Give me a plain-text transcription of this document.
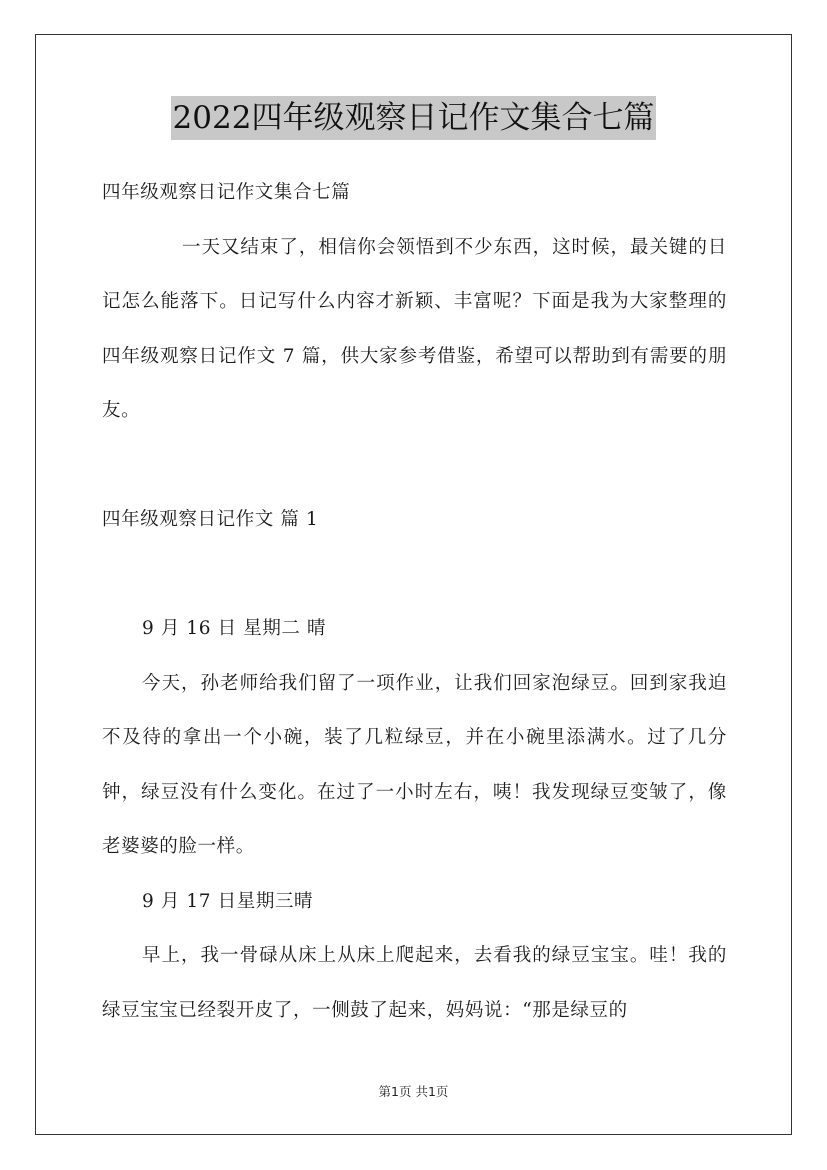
2022四年级观察日记作文集合七篇

四年级观察日记作文集合七篇

一天又结束了，相信你会领悟到不少东西，这时候，最关键的日记怎么能落下。日记写什么内容才新颖、丰富呢？下面是我为大家整理的四年级观察日记作文 7 篇，供大家参考借鉴，希望可以帮助到有需要的朋友。

四年级观察日记作文 篇 1

9 月 16 日 星期二 晴

今天，孙老师给我们留了一项作业，让我们回家泡绿豆。回到家我迫不及待的拿出一个小碗，装了几粒绿豆，并在小碗里添满水。过了几分钟，绿豆没有什么变化。在过了一小时左右，咦！我发现绿豆变皱了，像老婆婆的脸一样。

9 月 17 日星期三晴

早上，我一骨碌从床上从床上爬起来，去看我的绿豆宝宝。哇！我的绿豆宝宝已经裂开皮了，一侧鼓了起来，妈妈说：“那是绿豆的

第1页 共1页
